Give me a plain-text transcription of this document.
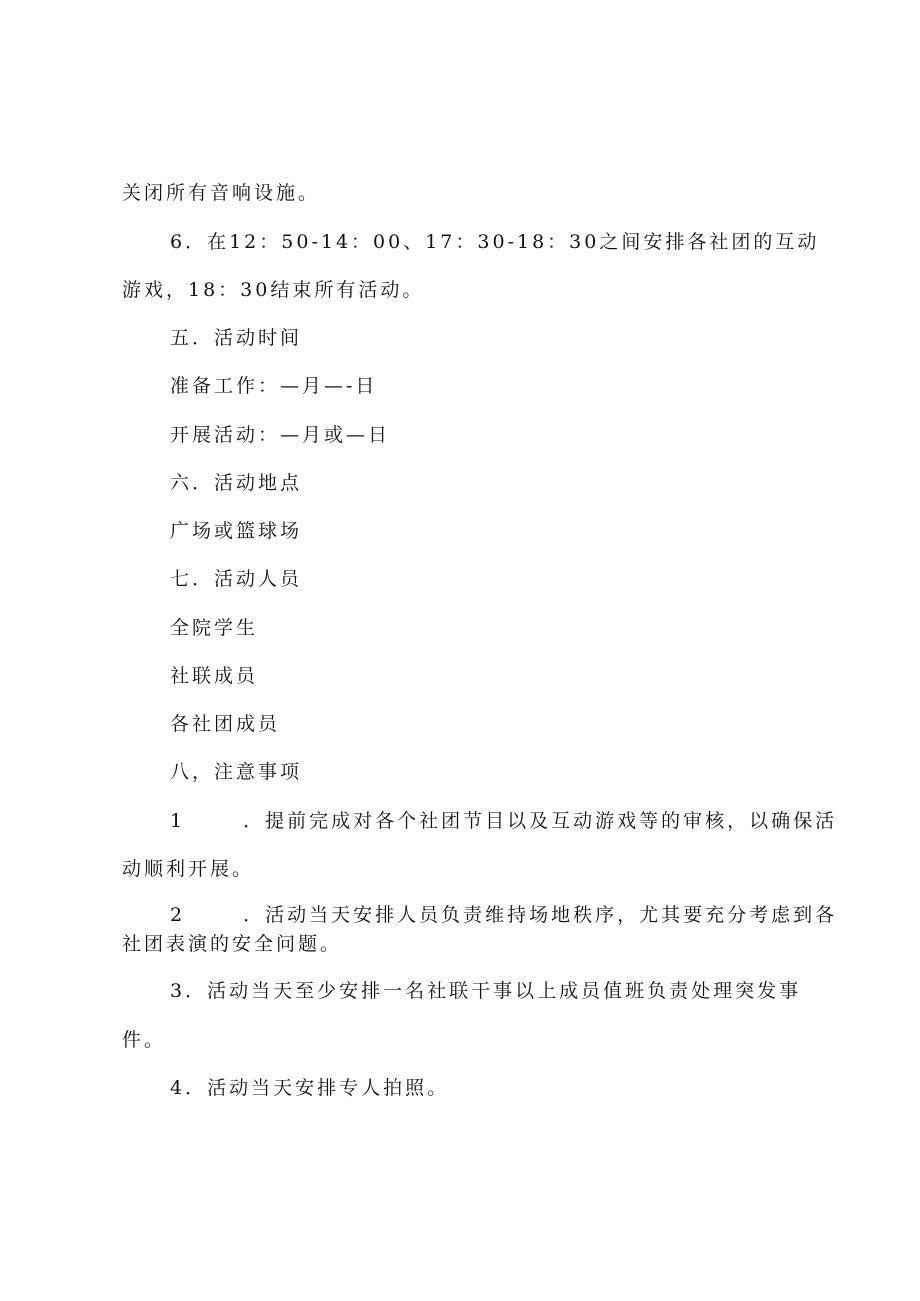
关闭所有音响设施。
6．在12：50-14：00、17：30-18：30之间安排各社团的互动
游戏，18：30结束所有活动。
五．活动时间
准备工作：—月—-日
开展活动：—月或—日
六．活动地点
广场或篮球场
七．活动人员
全院学生
社联成员
各社团成员
八，注意事项
1	．提前完成对各个社团节目以及互动游戏等的审核，以确保活
动顺利开展。
2	．活动当天安排人员负责维持场地秩序，尤其要充分考虑到各
社团表演的安全问题。
3．活动当天至少安排一名社联干事以上成员值班负责处理突发事
件。
4．活动当天安排专人拍照。
